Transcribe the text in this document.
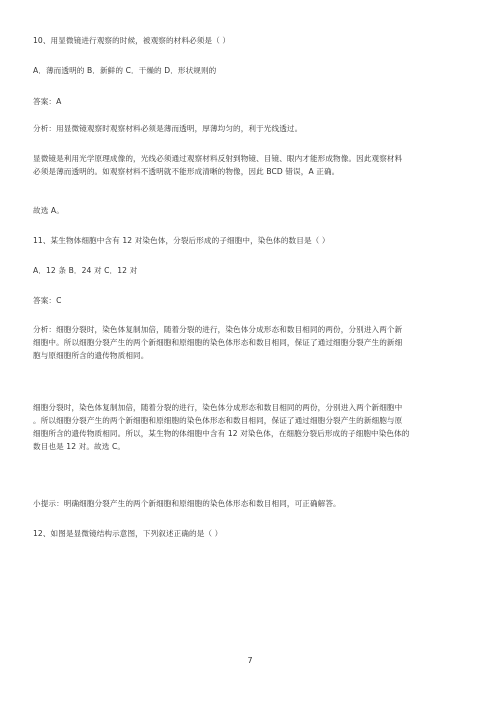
10、用显微镜进行观察的时候，被观察的材料必须是（ ）
A．薄而透明的 B．新鲜的 C．干燥的 D．形状规则的
答案：A
分析：用显微镜观察时观察材料必须是薄而透明，厚薄均匀的，利于光线透过。
显微镜是利用光学原理成像的，光线必须通过观察材料反射到物镜、目镜、眼内才能形成物像。因此观察材料
必须是薄而透明的。如观察材料不透明就不能形成清晰的物像，因此 BCD 错误，A 正确。
故选 A。
11、某生物体细胞中含有 12 对染色体，分裂后形成的子细胞中，染色体的数目是（ ）
A．12 条 B．24 对 C．12 对
答案：C
分析：细胞分裂时，染色体复制加倍，随着分裂的进行，染色体分成形态和数目相同的两份，分别进入两个新
细胞中。所以细胞分裂产生的两个新细胞和原细胞的染色体形态和数目相同，保证了通过细胞分裂产生的新细
胞与原细胞所含的遗传物质相同。
细胞分裂时，染色体复制加倍，随着分裂的进行，染色体分成形态和数目相同的两份，分别进入两个新细胞中
。所以细胞分裂产生的两个新细胞和原细胞的染色体形态和数目相同，保证了通过细胞分裂产生的新细胞与原
细胞所含的遗传物质相同。所以，某生物的体细胞中含有 12 对染色体，在细胞分裂后形成的子细胞中染色体的
数目也是 12 对。故选 C。
小提示：明确细胞分裂产生的两个新细胞和原细胞的染色体形态和数目相同，可正确解答。
12、如图是显微镜结构示意图，下列叙述正确的是（ ）
7
